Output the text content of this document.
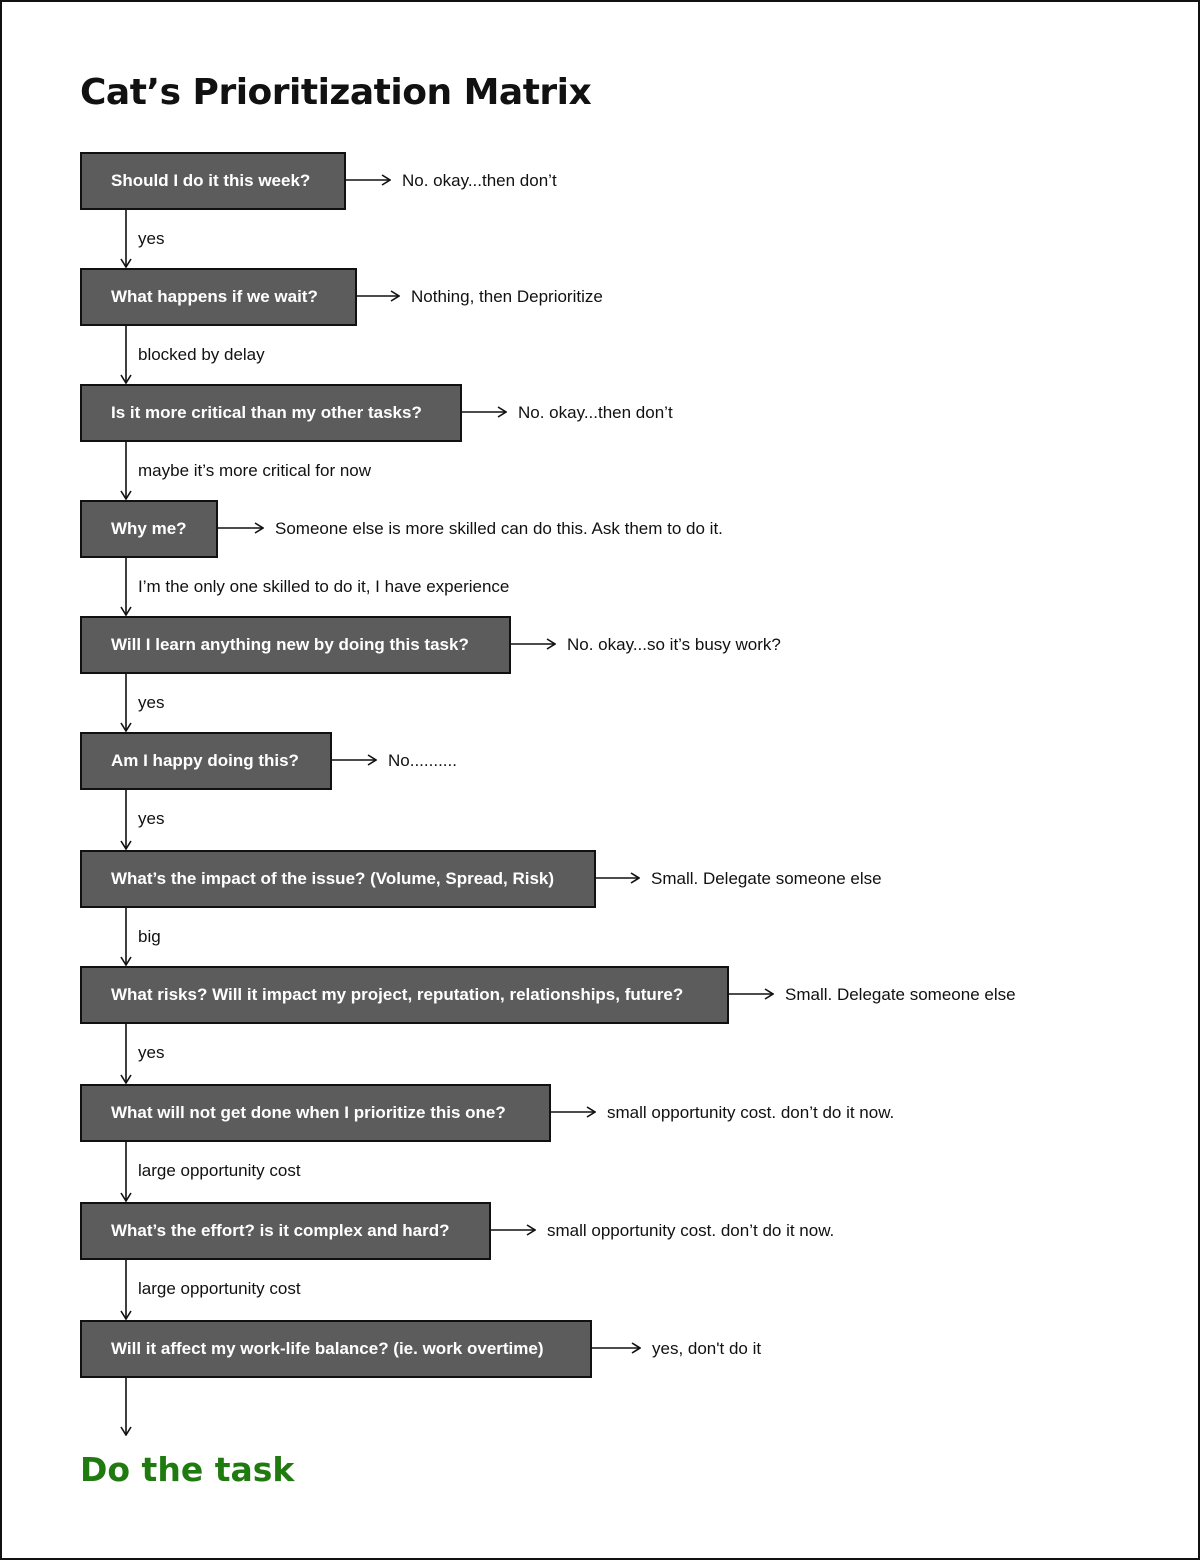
Cat’s Prioritization Matrix
Should I do it this week?	No. okay...then don’t
yes
What happens if we wait?	Nothing, then Deprioritize
blocked by delay
Is it more critical than my other tasks?	No. okay...then don’t
maybe it’s more critical for now
Why me?	Someone else is more skilled can do this. Ask them to do it.
I’m the only one skilled to do it, I have experience
Will I learn anything new by doing this task?	No. okay...so it’s busy work?
yes
Am I happy doing this?	No..........
yes
What’s the impact of the issue? (Volume, Spread, Risk)	Small. Delegate someone else
big
What risks? Will it impact my project, reputation, relationships, future?	Small. Delegate someone else
yes
What will not get done when I prioritize this one?	small opportunity cost. don’t do it now.
large opportunity cost
What’s the effort? is it complex and hard?	small opportunity cost. don’t do it now.
large opportunity cost
Will it affect my work-life balance? (ie. work overtime)	yes, don't do it
Do the task
